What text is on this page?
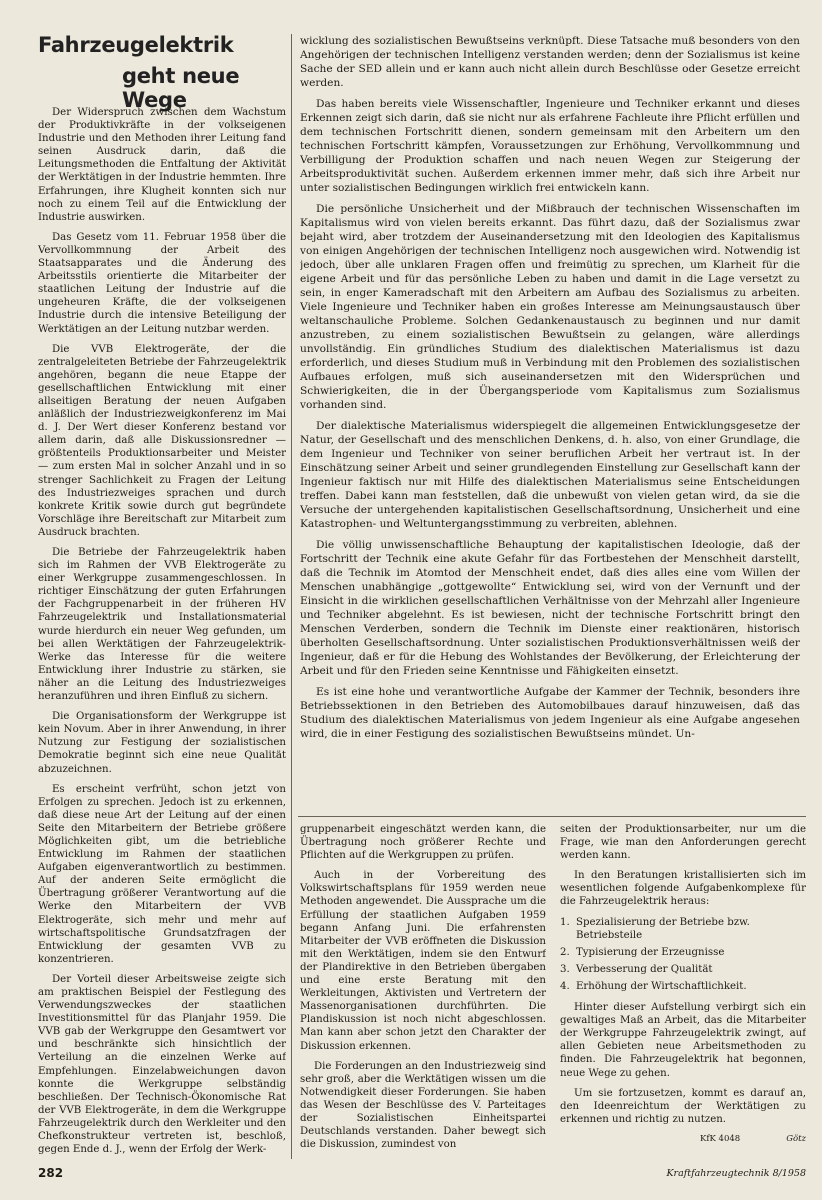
Fahrzeugelektrik
geht neue Wege

Der Widerspruch zwischen dem Wachstum der Produktivkräfte in der volkseigenen Industrie und den Methoden ihrer Leitung fand seinen Ausdruck darin, daß die Leitungsmethoden die Entfaltung der Aktivität der Werktätigen in der Industrie hemmten. Ihre Erfahrungen, ihre Klugheit konnten sich nur noch zu einem Teil auf die Entwicklung der Industrie auswirken.

Das Gesetz vom 11. Februar 1958 über die Vervollkommnung der Arbeit des Staatsapparates und die Änderung des Arbeitsstils orientierte die Mitarbeiter der staatlichen Leitung der Industrie auf die ungeheuren Kräfte, die der volkseigenen Industrie durch die intensive Beteiligung der Werktätigen an der Leitung nutzbar werden.

Die VVB Elektrogeräte, der die zentralgeleiteten Betriebe der Fahrzeugelektrik angehören, begann die neue Etappe der gesellschaftlichen Entwicklung mit einer allseitigen Beratung der neuen Aufgaben anläßlich der Industriezweigkonferenz im Mai d. J. Der Wert dieser Konferenz bestand vor allem darin, daß alle Diskussionsredner — größtenteils Produktionsarbeiter und Meister — zum ersten Mal in solcher Anzahl und in so strenger Sachlichkeit zu Fragen der Leitung des Industriezweiges sprachen und durch konkrete Kritik sowie durch gut begründete Vorschläge ihre Bereitschaft zur Mitarbeit zum Ausdruck brachten.

Die Betriebe der Fahrzeugelektrik haben sich im Rahmen der VVB Elektrogeräte zu einer Werkgruppe zusammengeschlossen. In richtiger Einschätzung der guten Erfahrungen der Fachgruppenarbeit in der früheren HV Fahrzeugelektrik und Installationsmaterial wurde hierdurch ein neuer Weg gefunden, um bei allen Werktätigen der Fahrzeugelektrik-Werke das Interesse für die weitere Entwicklung ihrer Industrie zu stärken, sie näher an die Leitung des Industriezweiges heranzuführen und ihren Einfluß zu sichern.

Die Organisationsform der Werkgruppe ist kein Novum. Aber in ihrer Anwendung, in ihrer Nutzung zur Festigung der sozialistischen Demokratie beginnt sich eine neue Qualität abzuzeichnen.

Es erscheint verfrüht, schon jetzt von Erfolgen zu sprechen. Jedoch ist zu erkennen, daß diese neue Art der Leitung auf der einen Seite den Mitarbeitern der Betriebe größere Möglichkeiten gibt, um die betriebliche Entwicklung im Rahmen der staatlichen Aufgaben eigenverantwortlich zu bestimmen. Auf der anderen Seite ermöglicht die Übertragung größerer Verantwortung auf die Werke den Mitarbeitern der VVB Elektrogeräte, sich mehr und mehr auf wirtschaftspolitische Grundsatzfragen der Entwicklung der gesamten VVB zu konzentrieren.

Der Vorteil dieser Arbeitsweise zeigte sich am praktischen Beispiel der Festlegung des Verwendungszweckes der staatlichen Investitionsmittel für das Planjahr 1959. Die VVB gab der Werkgruppe den Gesamtwert vor und beschränkte sich hinsichtlich der Verteilung an die einzelnen Werke auf Empfehlungen. Einzelabweichungen davon konnte die Werkgruppe selbständig beschließen. Der Technisch-Ökonomische Rat der VVB Elektrogeräte, in dem die Werkgruppe Fahrzeugelektrik durch den Werkleiter und den Chefkonstrukteur vertreten ist, beschloß, gegen Ende d. J., wenn der Erfolg der Werk-

wicklung des sozialistischen Bewußtseins verknüpft. Diese Tatsache muß besonders von den Angehörigen der technischen Intelligenz verstanden werden; denn der Sozialismus ist keine Sache der SED allein und er kann auch nicht allein durch Beschlüsse oder Gesetze erreicht werden.

Das haben bereits viele Wissenschaftler, Ingenieure und Techniker erkannt und dieses Erkennen zeigt sich darin, daß sie nicht nur als erfahrene Fachleute ihre Pflicht erfüllen und dem technischen Fortschritt dienen, sondern gemeinsam mit den Arbeitern um den technischen Fortschritt kämpfen, Voraussetzungen zur Erhöhung, Vervollkommnung und Verbilligung der Produktion schaffen und nach neuen Wegen zur Steigerung der Arbeitsproduktivität suchen. Außerdem erkennen immer mehr, daß sich ihre Arbeit nur unter sozialistischen Bedingungen wirklich frei entwickeln kann.

Die persönliche Unsicherheit und der Mißbrauch der technischen Wissenschaften im Kapitalismus wird von vielen bereits erkannt. Das führt dazu, daß der Sozialismus zwar bejaht wird, aber trotzdem der Auseinandersetzung mit den Ideologien des Kapitalismus von einigen Angehörigen der technischen Intelligenz noch ausgewichen wird. Notwendig ist jedoch, über alle unklaren Fragen offen und freimütig zu sprechen, um Klarheit für die eigene Arbeit und für das persönliche Leben zu haben und damit in die Lage versetzt zu sein, in enger Kameradschaft mit den Arbeitern am Aufbau des Sozialismus zu arbeiten. Viele Ingenieure und Techniker haben ein großes Interesse am Meinungsaustausch über weltanschauliche Probleme. Solchen Gedankenaustausch zu beginnen und nur damit anzustreben, zu einem sozialistischen Bewußtsein zu gelangen, wäre allerdings unvollständig. Ein gründliches Studium des dialektischen Materialismus ist dazu erforderlich, und dieses Studium muß in Verbindung mit den Problemen des sozialistischen Aufbaues erfolgen, muß sich auseinandersetzen mit den Widersprüchen und Schwierigkeiten, die in der Übergangsperiode vom Kapitalismus zum Sozialismus vorhanden sind.

Der dialektische Materialismus widerspiegelt die allgemeinen Entwicklungsgesetze der Natur, der Gesellschaft und des menschlichen Denkens, d. h. also, von einer Grundlage, die dem Ingenieur und Techniker von seiner beruflichen Arbeit her vertraut ist. In der Einschätzung seiner Arbeit und seiner grundlegenden Einstellung zur Gesellschaft kann der Ingenieur faktisch nur mit Hilfe des dialektischen Materialismus seine Entscheidungen treffen. Dabei kann man feststellen, daß die unbewußt von vielen getan wird, da sie die Versuche der untergehenden kapitalistischen Gesellschaftsordnung, Unsicherheit und eine Katastrophen- und Weltuntergangsstimmung zu verbreiten, ablehnen.

Die völlig unwissenschaftliche Behauptung der kapitalistischen Ideologie, daß der Fortschritt der Technik eine akute Gefahr für das Fortbestehen der Menschheit darstellt, daß die Technik im Atomtod der Menschheit endet, daß dies alles eine vom Willen der Menschen unabhängige „gottgewollte“ Entwicklung sei, wird von der Vernunft und der Einsicht in die wirklichen gesellschaftlichen Verhältnisse von der Mehrzahl aller Ingenieure und Techniker abgelehnt. Es ist bewiesen, nicht der technische Fortschritt bringt den Menschen Verderben, sondern die Technik im Dienste einer reaktionären, historisch überholten Gesellschaftsordnung. Unter sozialistischen Produktionsverhältnissen weiß der Ingenieur, daß er für die Hebung des Wohlstandes der Bevölkerung, der Erleichterung der Arbeit und für den Frieden seine Kenntnisse und Fähigkeiten einsetzt.

Es ist eine hohe und verantwortliche Aufgabe der Kammer der Technik, besonders ihre Betriebssektionen in den Betrieben des Automobilbaues darauf hinzuweisen, daß das Studium des dialektischen Materialismus von jedem Ingenieur als eine Aufgabe angesehen wird, die in einer Festigung des sozialistischen Bewußtseins mündet. Un-

gruppenarbeit eingeschätzt werden kann, die Übertragung noch größerer Rechte und Pflichten auf die Werkgruppen zu prüfen.

Auch in der Vorbereitung des Volkswirtschaftsplans für 1959 werden neue Methoden angewendet. Die Aussprache um die Erfüllung der staatlichen Aufgaben 1959 begann Anfang Juni. Die erfahrensten Mitarbeiter der VVB eröffneten die Diskussion mit den Werktätigen, indem sie den Entwurf der Plandirektive in den Betrieben übergaben und eine erste Beratung mit den Werkleitungen, Aktivisten und Vertretern der Massenorganisationen durchführten. Die Plandiskussion ist noch nicht abgeschlossen. Man kann aber schon jetzt den Charakter der Diskussion erkennen.

Die Forderungen an den Industriezweig sind sehr groß, aber die Werktätigen wissen um die Notwendigkeit dieser Forderungen. Sie haben das Wesen der Beschlüsse des V. Parteitages der Sozialistischen Einheitspartei Deutschlands verstanden. Daher bewegt sich die Diskussion, zumindest von

seiten der Produktionsarbeiter, nur um die Frage, wie man den Anforderungen gerecht werden kann.

In den Beratungen kristallisierten sich im wesentlichen folgende Aufgabenkomplexe für die Fahrzeugelektrik heraus:

1. Spezialisierung der Betriebe bzw. Betriebsteile
2. Typisierung der Erzeugnisse
3. Verbesserung der Qualität
4. Erhöhung der Wirtschaftlichkeit.

Hinter dieser Aufstellung verbirgt sich ein gewaltiges Maß an Arbeit, das die Mitarbeiter der Werkgruppe Fahrzeugelektrik zwingt, auf allen Gebieten neue Arbeitsmethoden zu finden. Die Fahrzeugelektrik hat begonnen, neue Wege zu gehen.

Um sie fortzusetzen, kommt es darauf an, den Ideenreichtum der Werktätigen zu erkennen und richtig zu nutzen.

KfK 4048	Götz
282	Kraftfahrzeugtechnik 8/1958
